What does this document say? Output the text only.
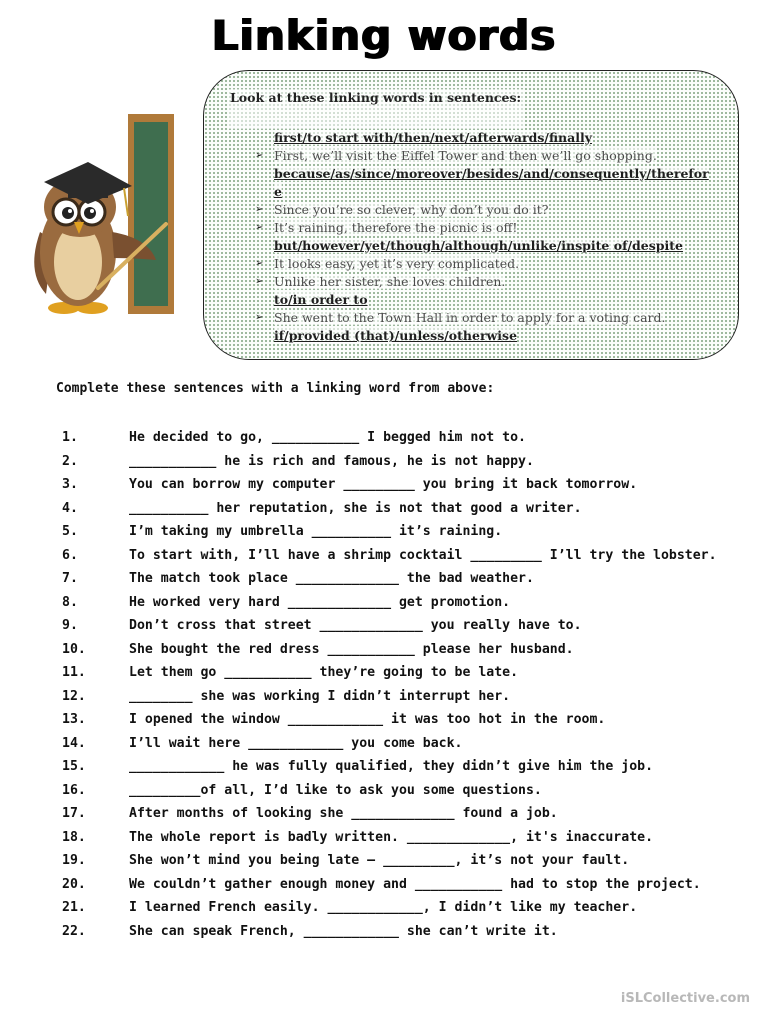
Linking words
Look at these linking words in sentences:
first/to start with/then/next/afterwards/finally
➢ First, we’ll visit the Eiffel Tower and then we’ll go shopping.
because/as/since/moreover/besides/and/consequently/therefor
e
➢ Since you’re so clever, why don’t you do it?
➢ It’s raining, therefore the picnic is off!
but/however/yet/though/although/unlike/inspite of/despite
➢ It looks easy, yet it’s very complicated.
➢ Unlike her sister, she loves children.
to/in order to
➢ She went to the Town Hall in order to apply for a voting card.
if/provided (that)/unless/otherwise
Complete these sentences with a linking word from above:
1.	He decided to go, ___________ I begged him not to.
2.	___________ he is rich and famous, he is not happy.
3.	You can borrow my computer _________ you bring it back tomorrow.
4.	__________ her reputation, she is not that good a writer.
5.	I’m taking my umbrella __________ it’s raining.
6.	To start with, I’ll have a shrimp cocktail _________ I’ll try the lobster.
7.	The match took place _____________ the bad weather.
8.	He worked very hard _____________ get promotion.
9.	Don’t cross that street _____________ you really have to.
10.	She bought the red dress ___________ please her husband.
11.	Let them go ___________ they’re going to be late.
12.	________ she was working I didn’t interrupt her.
13.	I opened the window ____________ it was too hot in the room.
14.	I’ll wait here ____________ you come back.
15.	____________ he was fully qualified, they didn’t give him the job.
16.	_________of all, I’d like to ask you some questions.
17.	After months of looking she _____________ found a job.
18.	The whole report is badly written. _____________, it's inaccurate.
19.	She won’t mind you being late – _________, it’s not your fault.
20.	We couldn’t gather enough money and ___________ had to stop the project.
21.	I learned French easily. ____________, I didn’t like my teacher.
22.	She can speak French, ____________ she can’t write it.
iSLCollective.com
